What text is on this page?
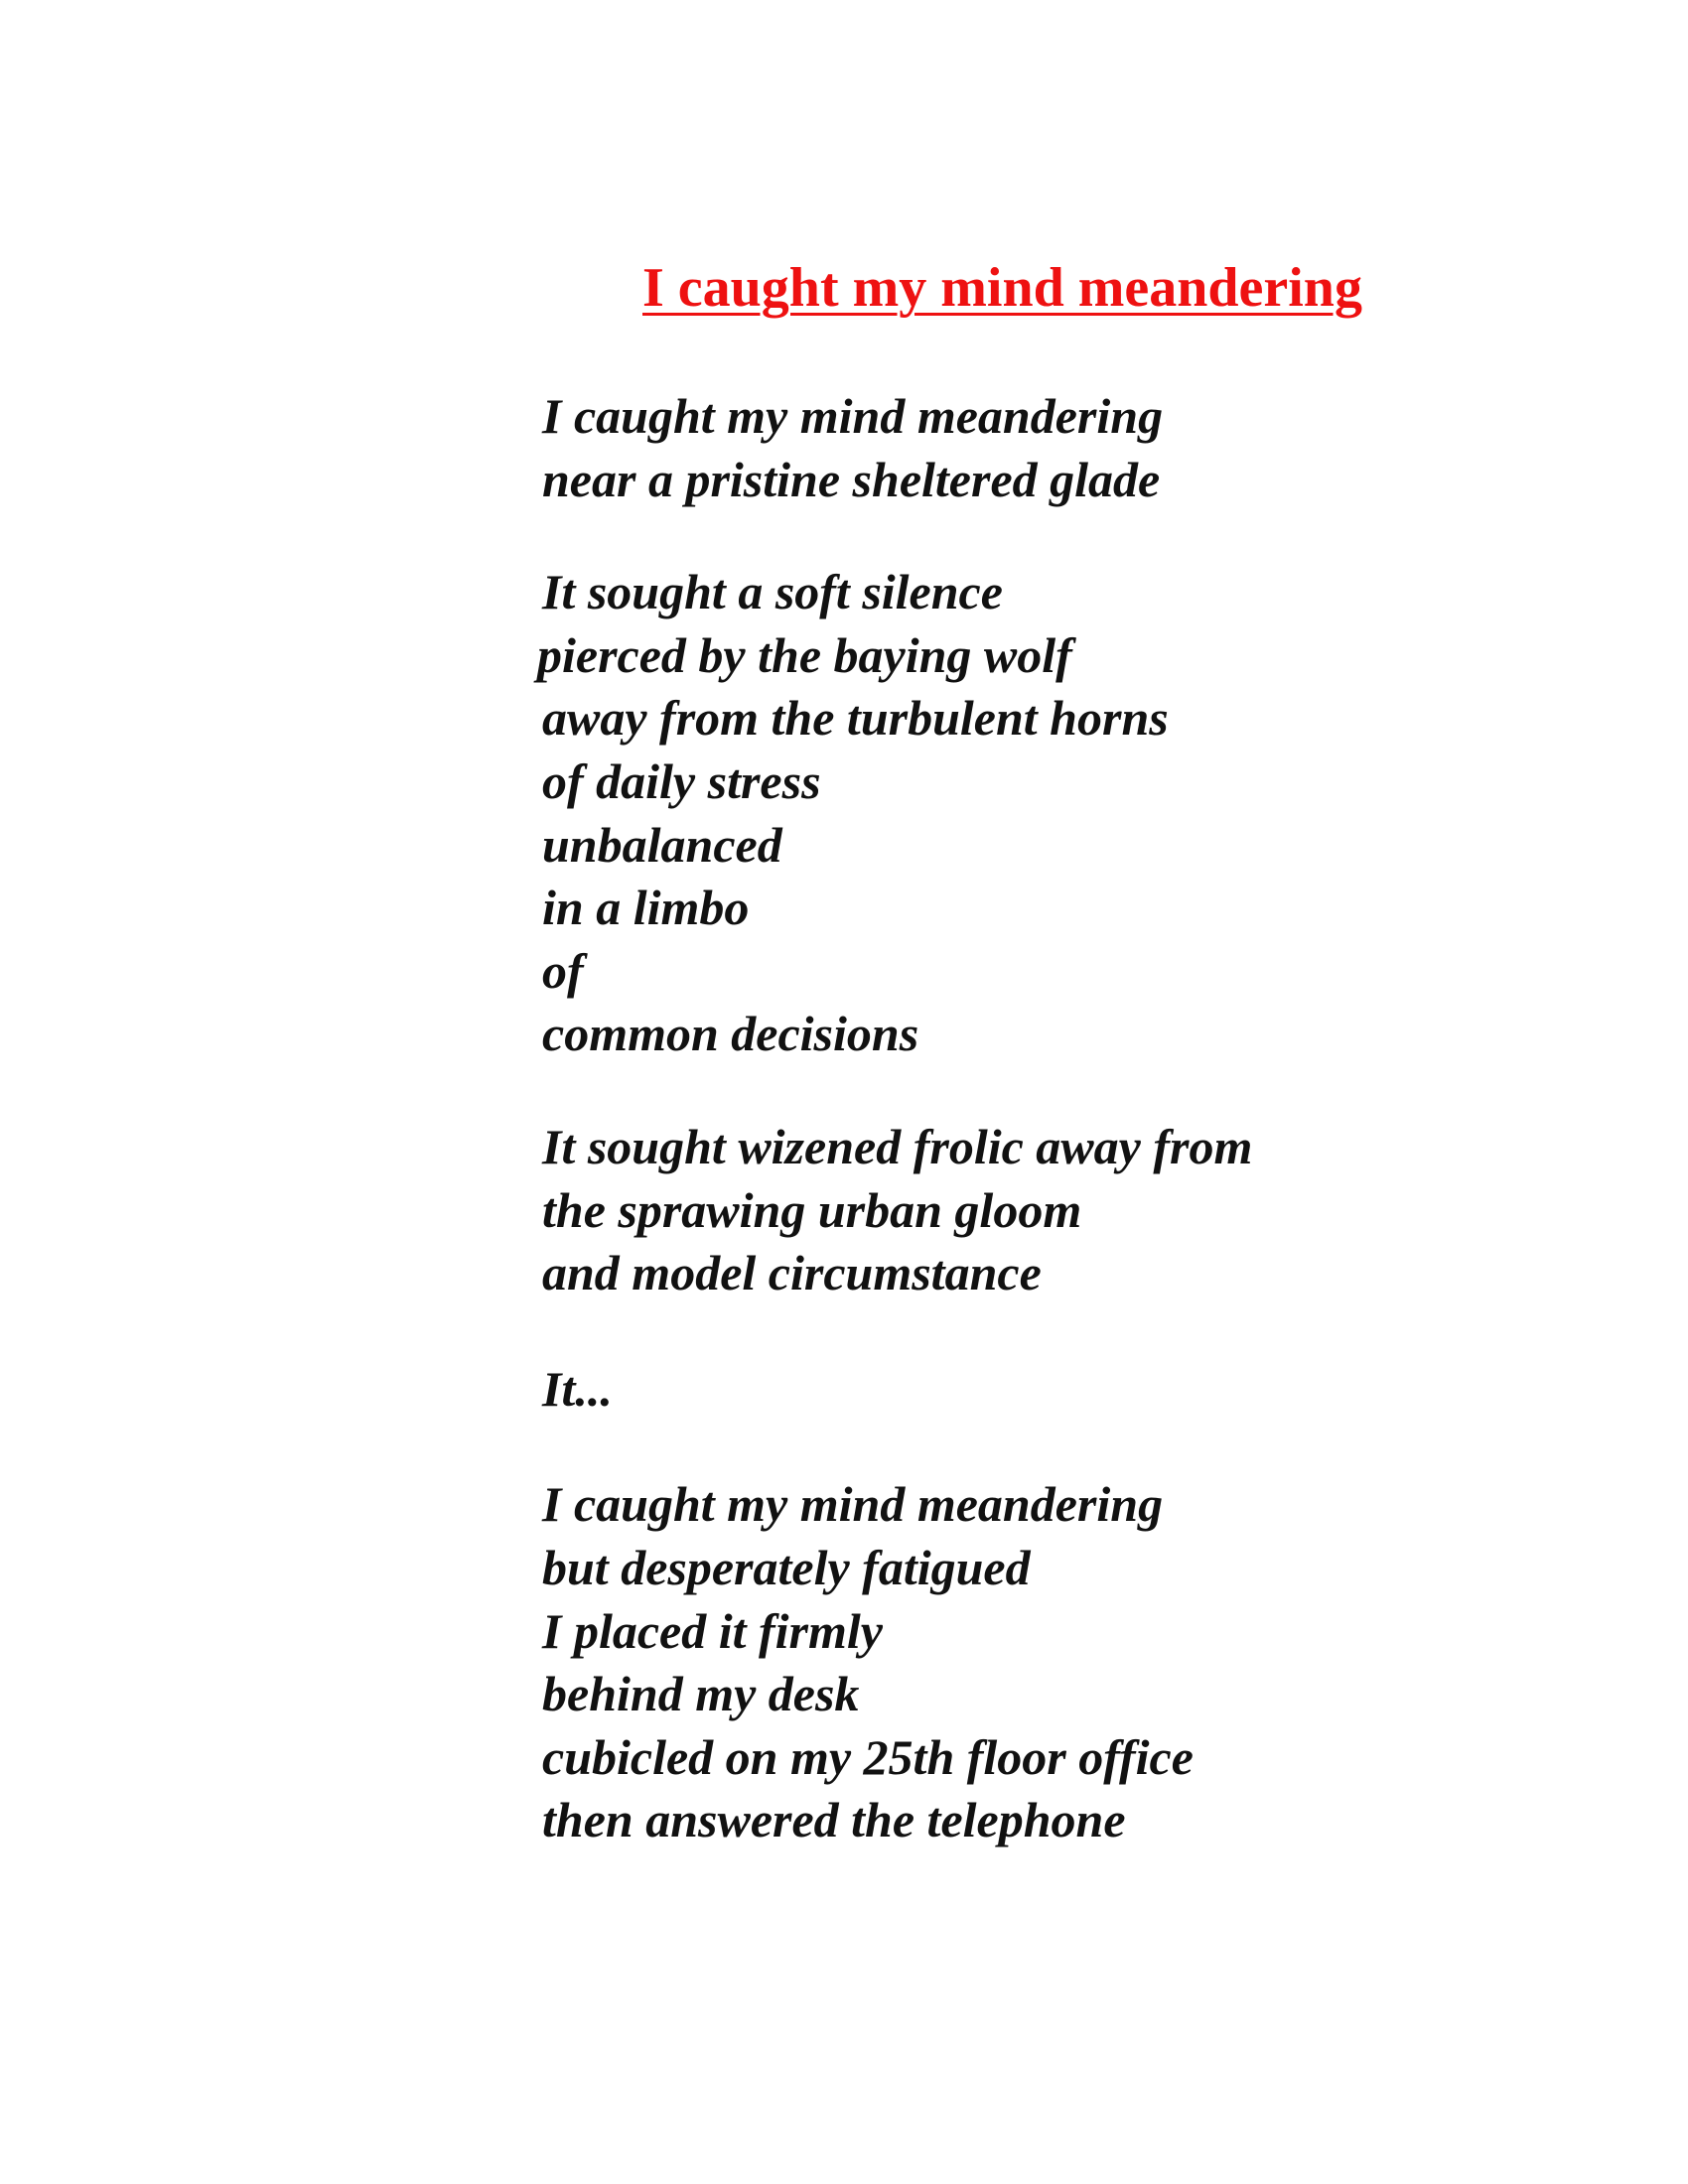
I caught my mind meandering
I caught my mind meandering
near a pristine sheltered glade
It sought a soft silence
pierced by the baying wolf
away from the turbulent horns
of daily stress
unbalanced
in a limbo
of
common decisions
It sought wizened frolic away from
the sprawing urban gloom
and model circumstance
It...
I caught my mind meandering
but desperately fatigued
I placed it firmly
behind my desk
cubicled on my 25th floor office
then answered the telephone
